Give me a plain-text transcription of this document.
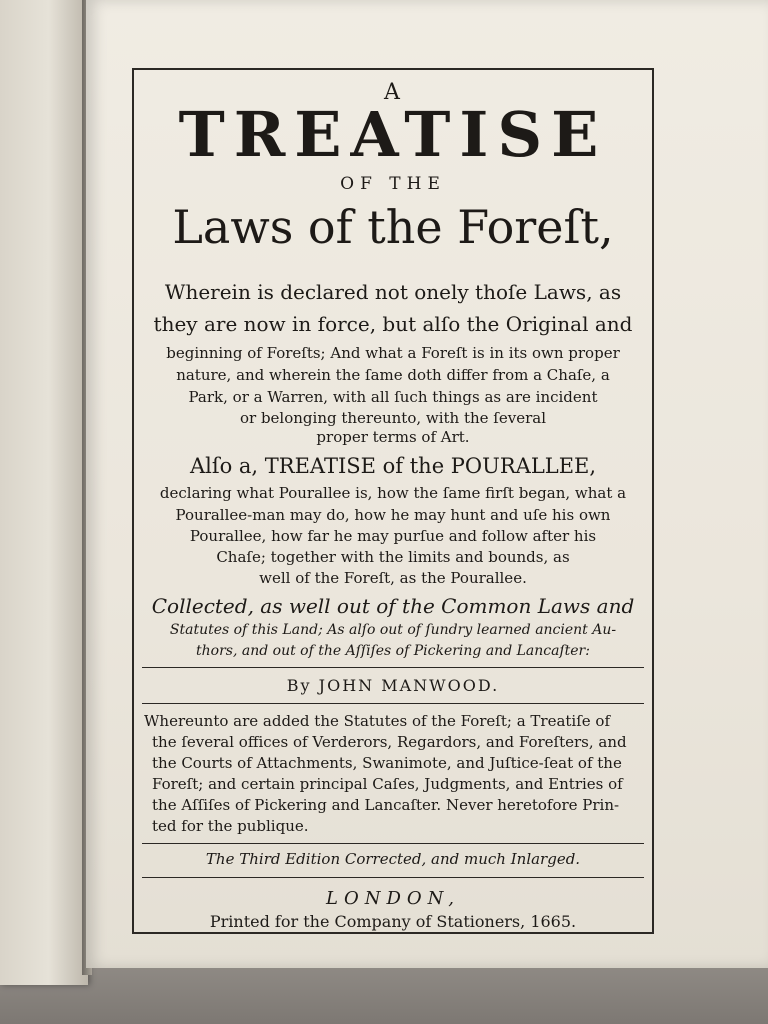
A
TREATISE
OF THE
Laws of the Foreſt,
Wherein is declared not onely thoſe Laws, as
they are now in force, but alſo the Original and
beginning of Foreſts; And what a Foreſt is in its own proper
nature, and wherein the ſame doth differ from a Chaſe, a
Park, or a Warren, with all ſuch things as are incident
or belonging thereunto, with the ſeveral
proper terms of Art.
Alſo a, TREATISE of the POURALLEE,
declaring what Pourallee is, how the ſame firſt began, what a
Pourallee-man may do, how he may hunt and uſe his own
Pourallee, how far he may purſue and follow after his
Chaſe; together with the limits and bounds, as
well of the Foreſt, as the Pourallee.
Collected, as well out of the Common Laws and
Statutes of this Land; As alſo out of ſundry learned ancient Au-
thors, and out of the Aſſiſes of Pickering and Lancaſter:
By JOHN MANWOOD.
Whereunto are added the Statutes of the Foreſt; a Treatiſe of
the ſeveral offices of Verderors, Regardors, and Foreſters, and
the Courts of Attachments, Swanimote, and Juſtice-ſeat of the
Foreſt; and certain principal Caſes, Judgments, and Entries of
the Aſſiſes of Pickering and Lancaſter. Never heretofore Prin-
ted for the publique.
The Third Edition Corrected, and much Inlarged.
LONDON,
Printed for the Company of Stationers, 1665.
